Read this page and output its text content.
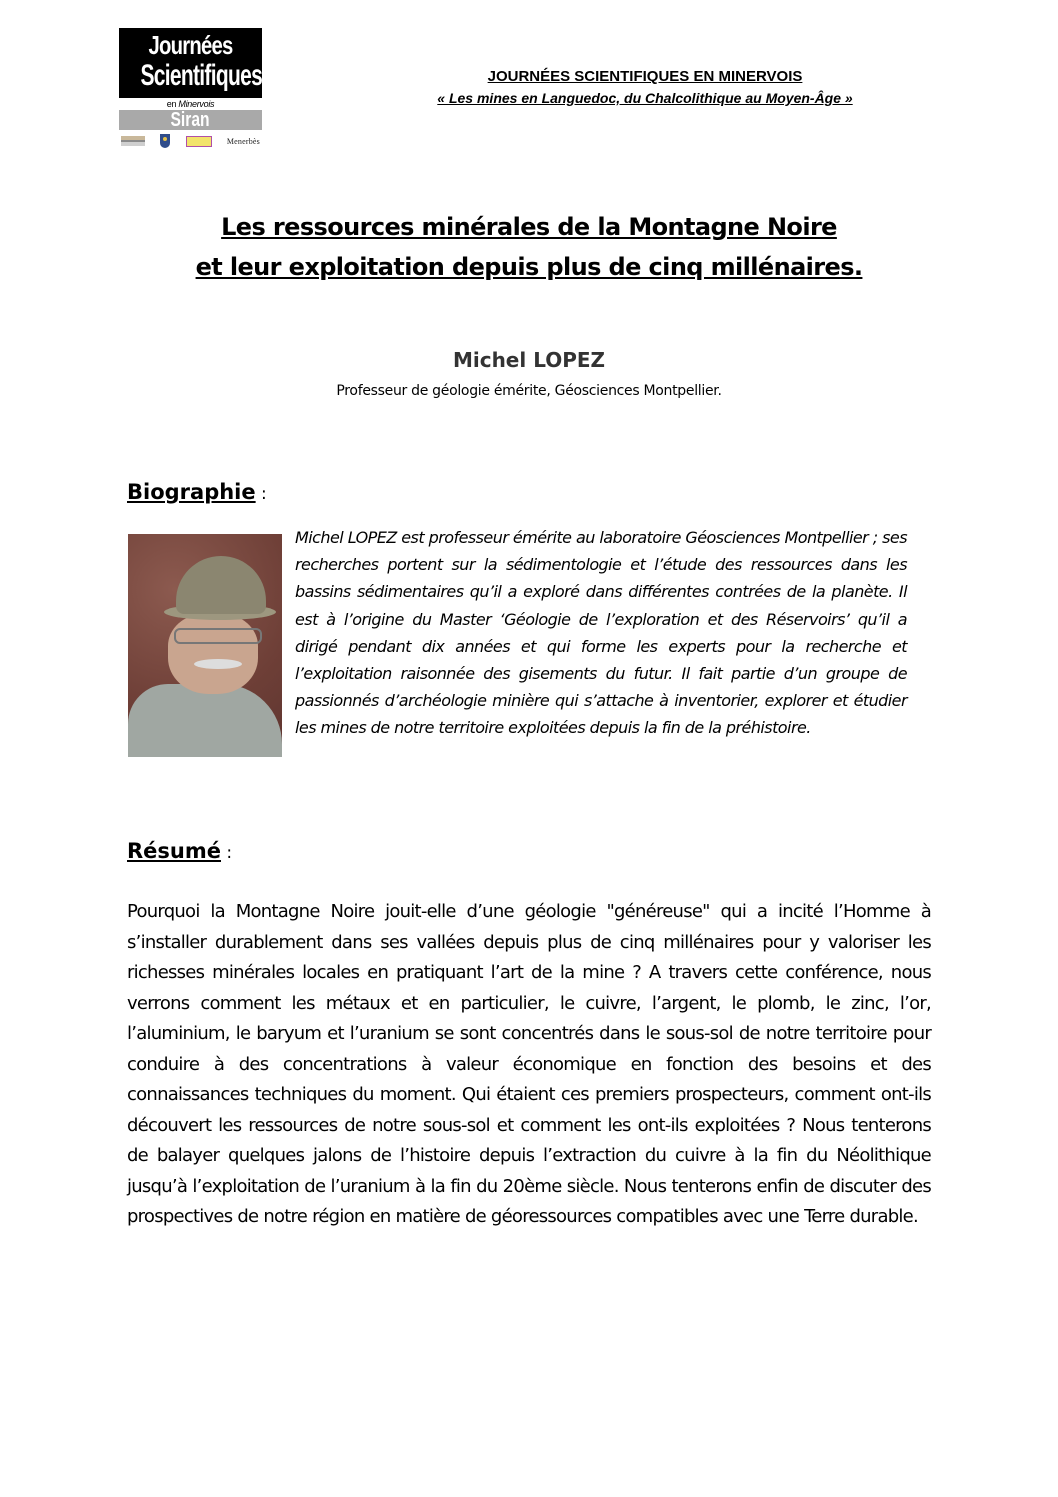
Journées
Scientifiques
en Minervois
Siran
Menerbès
JOURNÉES SCIENTIFIQUES EN MINERVOIS
« Les mines en Languedoc, du Chalcolithique au Moyen-Âge »
Les ressources minérales de la Montagne Noire
et leur exploitation depuis plus de cinq millénaires.
Michel LOPEZ
Professeur de géologie émérite, Géosciences Montpellier.
Biographie :
Michel LOPEZ est professeur émérite au laboratoire Géosciences Montpellier ; ses recherches portent sur la sédimentologie et l’étude des ressources dans les bassins sédimentaires qu’il a exploré dans différentes contrées de la planète. Il est à l’origine du Master ‘Géologie de l’exploration et des Réservoirs’ qu’il a dirigé pendant dix années et qui forme les experts pour la recherche et l’exploitation raisonnée des gisements du futur. Il fait partie d’un groupe de passionnés d’archéologie minière qui s’attache à inventorier, explorer et étudier les mines de notre territoire exploitées depuis la fin de la préhistoire.
Résumé :
Pourquoi la Montagne Noire jouit-elle d’une géologie "généreuse" qui a incité l’Homme à s’installer durablement dans ses vallées depuis plus de cinq millénaires pour y valoriser les richesses minérales locales en pratiquant l’art de la mine ? A travers cette conférence, nous verrons comment les métaux et en particulier, le cuivre, l’argent, le plomb, le zinc, l’or, l’aluminium, le baryum et l’uranium se sont concentrés dans le sous-sol de notre territoire pour conduire à des concentrations à valeur économique en fonction des besoins et des connaissances techniques du moment. Qui étaient ces premiers prospecteurs, comment ont-ils découvert les ressources de notre sous-sol et comment les ont-ils exploitées ? Nous tenterons de balayer quelques jalons de l’histoire depuis l’extraction du cuivre à la fin du Néolithique jusqu’à l’exploitation de l’uranium à la fin du 20ème siècle. Nous tenterons enfin de discuter des prospectives de notre région en matière de géoressources compatibles avec une Terre durable.
